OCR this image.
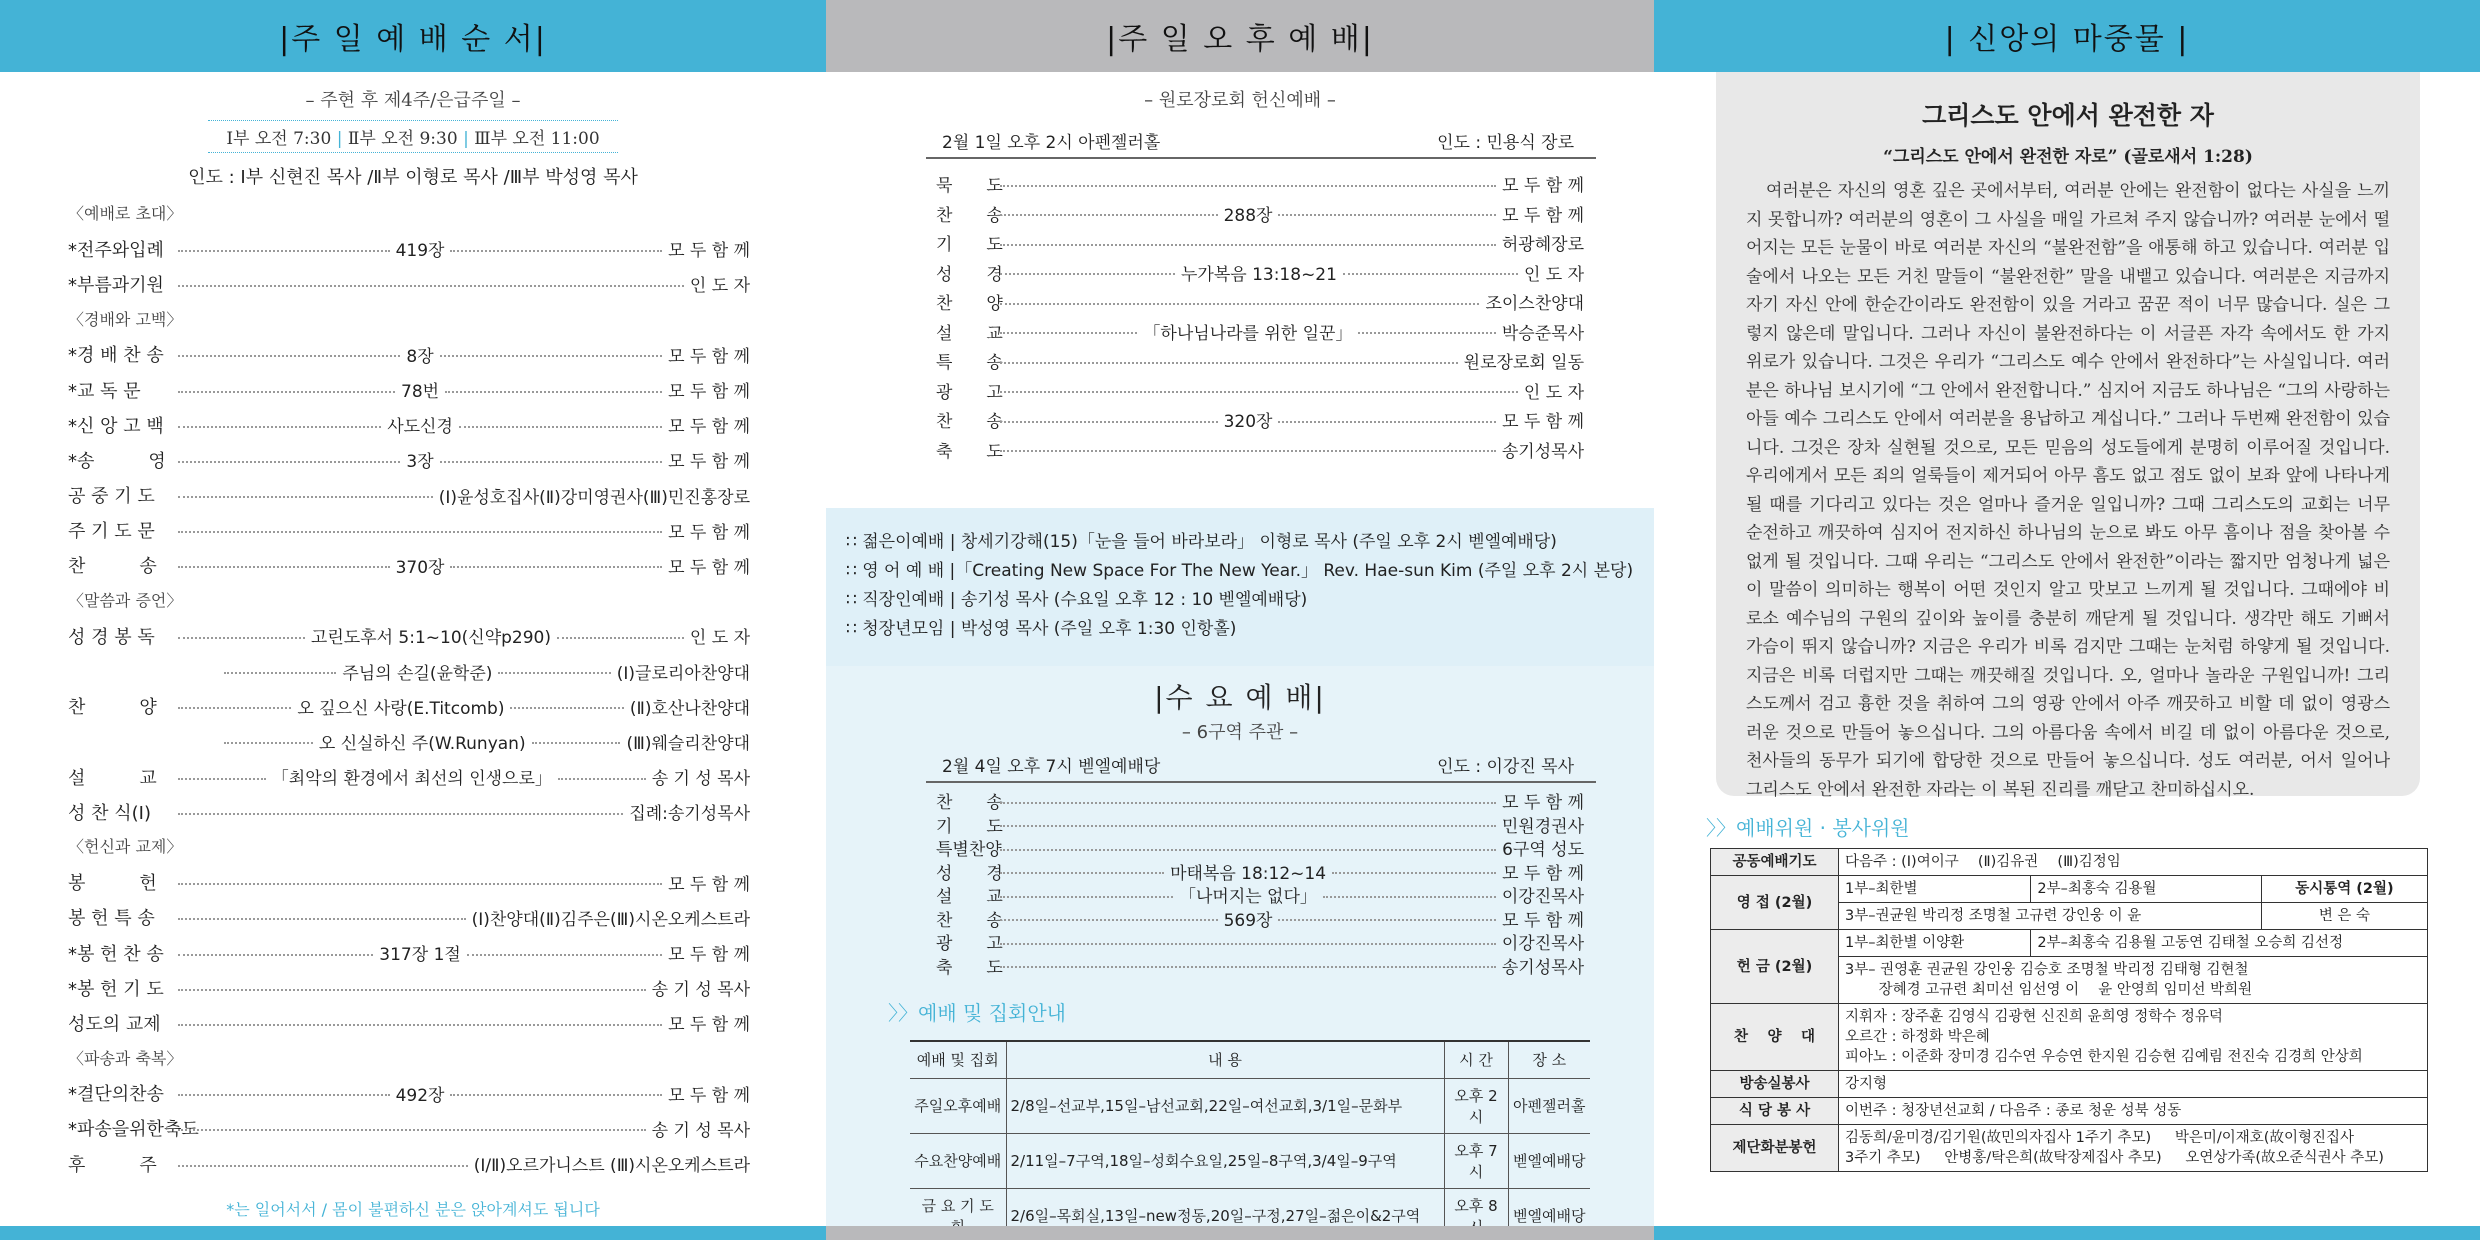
|주 일 예 배 순 서|
– 주현 후 제4주/은급주일 –
Ⅰ부 오전 7:30 | Ⅱ부 오전 9:30 | Ⅲ부 오전 11:00
인도 : Ⅰ부 신현진 목사 /Ⅱ부 이형로 목사 /Ⅲ부 박성영 목사
〈예배로 초대〉
*전주와입례	419장	모 두 함 께
*부름과기원	인 도 자
〈경배와 고백〉
*경 배 찬 송	8장	모 두 함 께
*교 독 문	78번	모 두 함 께
*신 앙 고 백	사도신경	모 두 함 께
*송　　　영	3장	모 두 함 께
공 중 기 도	(Ⅰ)윤성호집사(Ⅱ)강미영권사(Ⅲ)민진홍장로
주 기 도 문	모 두 함 께
찬　　　송	370장	모 두 함 께
〈말씀과 증언〉
성 경 봉 독	고린도후서 5:1~10(신약p290)	인 도 자
주님의 손길(윤학준)	(Ⅰ)글로리아찬양대
찬　　　양	오 깊으신 사랑(E.Titcomb)	(Ⅱ)호산나찬양대
오 신실하신 주(W.Runyan)	(Ⅲ)웨슬리찬양대
설　　　교	「최악의 환경에서 최선의 인생으로」	송 기 성 목사
성 찬 식(Ⅰ)	집례:송기성목사
〈헌신과 교제〉
봉　　　헌	모 두 함 께
봉 헌 특 송	(Ⅰ)찬양대(Ⅱ)김주은(Ⅲ)시온오케스트라
*봉 헌 찬 송	317장 1절	모 두 함 께
*봉 헌 기 도	송 기 성 목사
성도의 교제	모 두 함 께
〈파송과 축복〉
*결단의찬송	492장	모 두 함 께
*파송을위한축도	송 기 성 목사
후　　　주	(Ⅰ/Ⅱ)오르가니스트 (Ⅲ)시온오케스트라
*는 일어서서 / 몸이 불편하신 분은 앉아계셔도 됩니다
|주 일 오 후 예 배|
– 원로장로회 헌신예배 –
2월 1일 오후 2시 아펜젤러홀	인도 : 민용식 장로
묵　　도	모 두 함 께
찬　　송	288장	모 두 함 께
기　　도	허광혜장로
성　　경	누가복음 13:18~21	인 도 자
찬　　양	조이스찬양대
설　　교	「하나님나라를 위한 일꾼」	박승준목사
특　　송	원로장로회 일동
광　　고	인 도 자
찬　　송	320장	모 두 함 께
축　　도	송기성목사
∷ 젊은이예배 | 창세기강해(15)「눈을 들어 바라보라」 이형로 목사 (주일 오후 2시 벧엘예배당)
∷ 영 어 예 배 |「Creating New Space For The New Year.」 Rev. Hae-sun Kim (주일 오후 2시 본당)
∷ 직장인예배 | 송기성 목사 (수요일 오후 12 : 10 벧엘예배당)
∷ 청장년모임 | 박성영 목사 (주일 오후 1:30 인항홀)
|수 요 예 배|
– 6구역 주관 –
2월 4일 오후 7시 벧엘예배당	인도 : 이강진 목사
찬　　송	모 두 함 께
기　　도	민원경권사
특별찬양	6구역 성도
성　　경	마태복음 18:12~14	모 두 함 께
설　　교	「나머지는 없다」	이강진목사
찬　　송	569장	모 두 함 께
광　　고	이강진목사
축　　도	송기성목사
〉〉예배 및 집회안내
예배 및 집회	내 용	시 간	장 소
주일오후예배	2/8일–선교부,15일–남선교회,22일–여선교회,3/1일–문화부	오후 2시	아펜젤러홀
수요찬양예배	2/11일–7구역,18일–성회수요일,25일–8구역,3/4일–9구역	오후 7시	벧엘예배당
금 요 기 도	2/6일–목회실,13일–new정동,20일–구정,27일–젊은이&2구역	오후 8	벧엘예배당
| 신앙의 마중물 |
그리스도 안에서 완전한 자
“그리스도 안에서 완전한 자로” (골로새서 1:28)
여러분은 자신의 영혼 깊은 곳에서부터, 여러분 안에는 완전함이 없다는 사실을 느끼지 못합니까? 여러분의 영혼이 그 사실을 매일 가르쳐 주지 않습니까? 여러분 눈에서 떨어지는 모든 눈물이 바로 여러분 자신의 “불완전함”을 애통해 하고 있습니다. 여러분 입술에서 나오는 모든 거친 말들이 “불완전한” 말을 내뱉고 있습니다. 여러분은 지금까지 자기 자신 안에 한순간이라도 완전함이 있을 거라고 꿈꾼 적이 너무 많습니다. 실은 그렇지 않은데 말입니다. 그러나 자신이 불완전하다는 이 서글픈 자각 속에서도 한 가지 위로가 있습니다. 그것은 우리가 “그리스도 예수 안에서 완전하다”는 사실입니다. 여러분은 하나님 보시기에 “그 안에서 완전합니다.” 심지어 지금도 하나님은 “그의 사랑하는 아들 예수 그리스도 안에서 여러분을 용납하고 계십니다.” 그러나 두번째 완전함이 있습니다. 그것은 장차 실현될 것으로, 모든 믿음의 성도들에게 분명히 이루어질 것입니다. 우리에게서 모든 죄의 얼룩들이 제거되어 아무 흠도 없고 점도 없이 보좌 앞에 나타나게 될 때를 기다리고 있다는 것은 얼마나 즐거운 일입니까? 그때 그리스도의 교회는 너무 순전하고 깨끗하여 심지어 전지하신 하나님의 눈으로 봐도 아무 흠이나 점을 찾아볼 수 없게 될 것입니다. 그때 우리는 “그리스도 안에서 완전한”이라는 짧지만 엄청나게 넓은 이 말씀이 의미하는 행복이 어떤 것인지 알고 맛보고 느끼게 될 것입니다. 그때에야 비로소 예수님의 구원의 깊이와 높이를 충분히 깨닫게 될 것입니다. 생각만 해도 기뻐서 가슴이 뛰지 않습니까? 지금은 우리가 비록 검지만 그때는 눈처럼 하얗게 될 것입니다. 지금은 비록 더럽지만 그때는 깨끗해질 것입니다. 오, 얼마나 놀라운 구원입니까! 그리스도께서 검고 흉한 것을 취하여 그의 영광 안에서 아주 깨끗하고 비할 데 없이 영광스러운 것으로 만들어 놓으십니다. 그의 아름다움 속에서 비길 데 없이 아름다운 것으로, 천사들의 동무가 되기에 합당한 것으로 만들어 놓으십니다. 성도 여러분, 어서 일어나 그리스도 안에서 완전한 자라는 이 복된 진리를 깨닫고 찬미하십시오.
〉〉예배위원 · 봉사위원
공동예배기도	다음주 : (Ⅰ)여이구 　(Ⅱ)김유권 　(Ⅲ)김정임		
영 접 (2월)	1부–최한별	2부–최홍숙 김용월	동시통역 (2월)
	3부–권균원 박리정 조명철 고규련 강인웅 이 윤		변 은 숙
헌 금 (2월)	1부–최한별 이양환	2부–최홍숙 김용월 고동연 김태철 오승희 김선정	
	3부– 권영훈 권균원 강인웅 김승호 조명철 박리정 김태형 김현철
　　 장혜경 고규련 최미선 임선영 이 　윤 안영희 임미선 박희원		
찬 　양 　대	지휘자 : 장주훈 김영식 김광현 신진희 윤희영 정학수 정유덕
오르간 : 하정화 박은혜
피아노 : 이준화 장미경 김수연 우승연 한지원 김승현 김예림 전진숙 김경희 안상희		
방송실봉사	강지형		
식 당 봉 사	이번주 : 청장년선교회 / 다음주 : 종로 청운 성북 성동		
제단화분봉헌	김동희/윤미경/김기원(故민의자집사 1주기 추모) 　 박은미/이재호(故이형진집사
3주기 추모) 　 안병홍/탁은희(故탁장제집사 추모) 　 오연상가족(故오준식권사 추모)		
